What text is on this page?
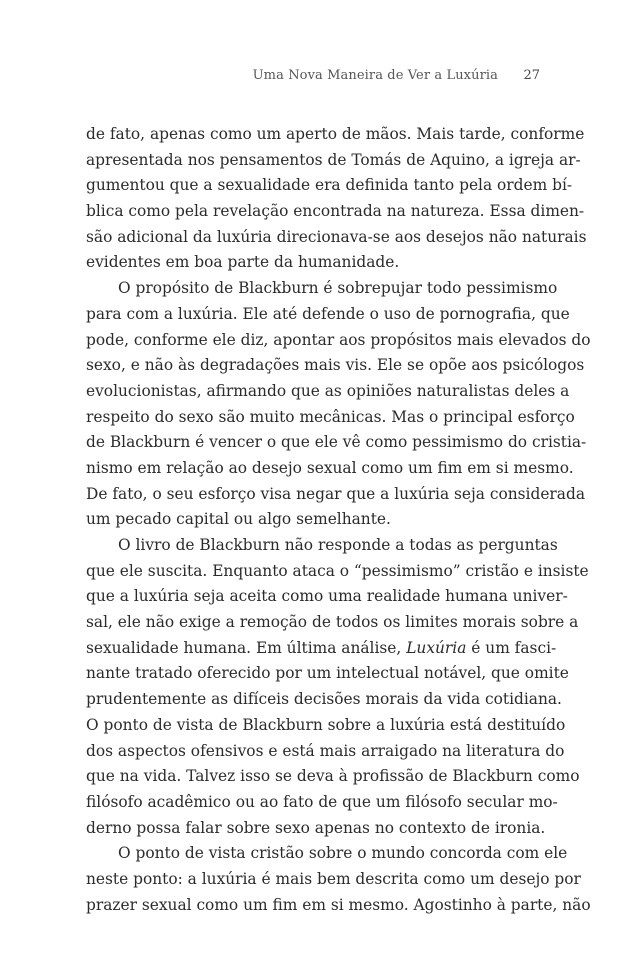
Uma Nova Maneira de Ver a Luxúria 27
de fato, apenas como um aperto de mãos. Mais tarde, conforme
apresentada nos pensamentos de Tomás de Aquino, a igreja ar-
gumentou que a sexualidade era definida tanto pela ordem bí-
blica como pela revelação encontrada na natureza. Essa dimen-
são adicional da luxúria direcionava-se aos desejos não naturais
evidentes em boa parte da humanidade.
O propósito de Blackburn é sobrepujar todo pessimismo
para com a luxúria. Ele até defende o uso de pornografia, que
pode, conforme ele diz, apontar aos propósitos mais elevados do
sexo, e não às degradações mais vis. Ele se opõe aos psicólogos
evolucionistas, afirmando que as opiniões naturalistas deles a
respeito do sexo são muito mecânicas. Mas o principal esforço
de Blackburn é vencer o que ele vê como pessimismo do cristia-
nismo em relação ao desejo sexual como um fim em si mesmo.
De fato, o seu esforço visa negar que a luxúria seja considerada
um pecado capital ou algo semelhante.
O livro de Blackburn não responde a todas as perguntas
que ele suscita. Enquanto ataca o “pessimismo” cristão e insiste
que a luxúria seja aceita como uma realidade humana univer-
sal, ele não exige a remoção de todos os limites morais sobre a
sexualidade humana. Em última análise, Luxúria é um fasci-
nante tratado oferecido por um intelectual notável, que omite
prudentemente as difíceis decisões morais da vida cotidiana.
O ponto de vista de Blackburn sobre a luxúria está destituído
dos aspectos ofensivos e está mais arraigado na literatura do
que na vida. Talvez isso se deva à profissão de Blackburn como
filósofo acadêmico ou ao fato de que um filósofo secular mo-
derno possa falar sobre sexo apenas no contexto de ironia.
O ponto de vista cristão sobre o mundo concorda com ele
neste ponto: a luxúria é mais bem descrita como um desejo por
prazer sexual como um fim em si mesmo. Agostinho à parte, não
